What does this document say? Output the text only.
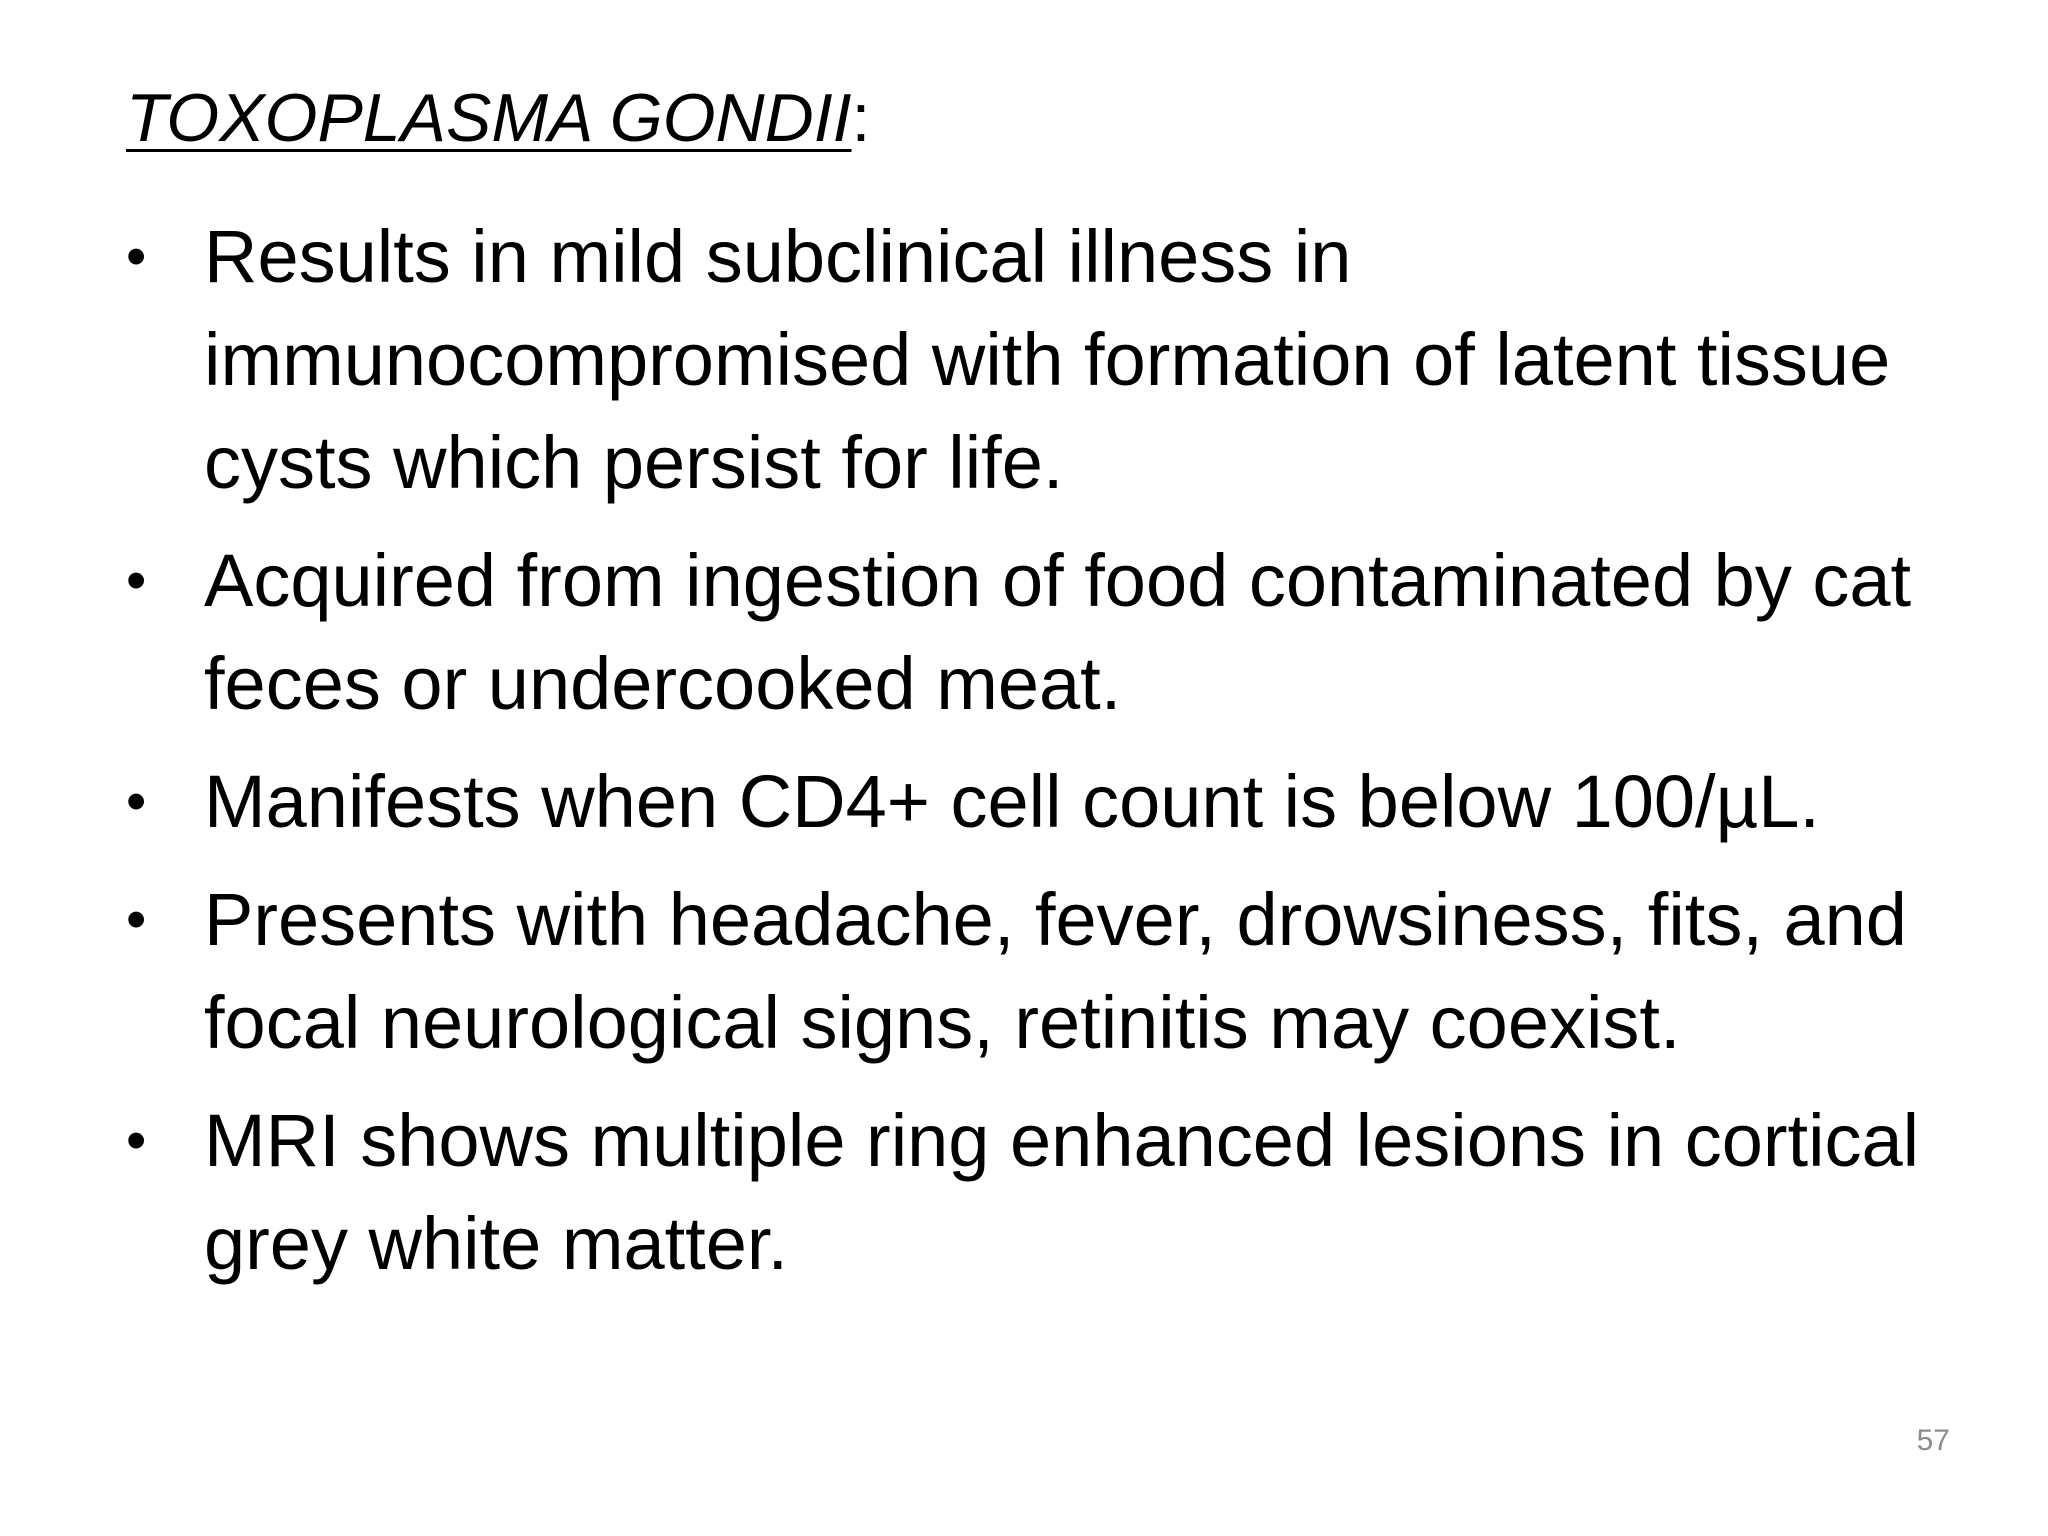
TOXOPLASMA GONDII:
• Results in mild subclinical illness in immunocompromised with formation of latent tissue cysts which persist for life.
• Acquired from ingestion of food contaminated by cat feces or undercooked meat.
• Manifests when CD4+ cell count is below 100/µL.
• Presents with headache, fever, drowsiness, fits, and focal neurological signs, retinitis may coexist.
• MRI shows multiple ring enhanced lesions in cortical grey white matter.
57
